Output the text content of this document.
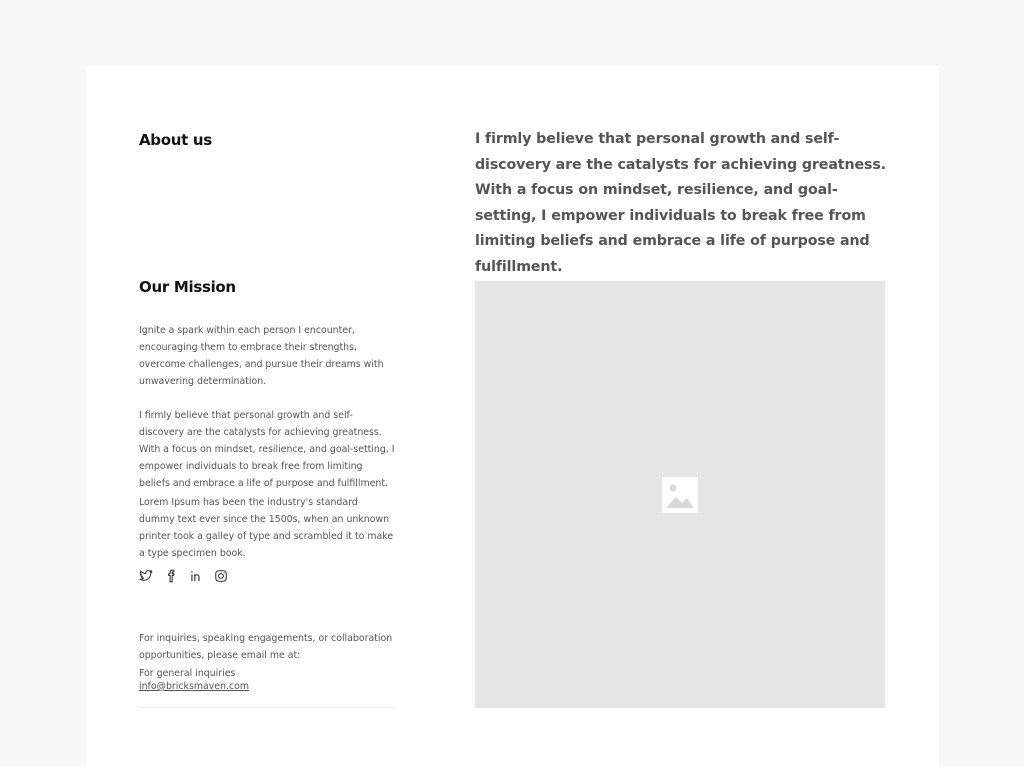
About us
Our Mission

Ignite a spark within each person I encounter, encouraging them to embrace their strengths, overcome challenges, and pursue their dreams with unwavering determination.

I firmly believe that personal growth and self-discovery are the catalysts for achieving greatness. With a focus on mindset, resilience, and goal-setting, I empower individuals to break free from limiting beliefs and embrace a life of purpose and fulfillment.

Lorem Ipsum has been the industry's standard dummy text ever since the 1500s, when an unknown printer took a galley of type and scrambled it to make a type specimen book.

For inquiries, speaking engagements, or collaboration opportunities, please email me at:

For general inquiries

info@bricksmaven.com

I firmly believe that personal growth and self-discovery are the catalysts for achieving greatness. With a focus on mindset, resilience, and goal-setting, I empower individuals to break free from limiting beliefs and embrace a life of purpose and fulfillment.
